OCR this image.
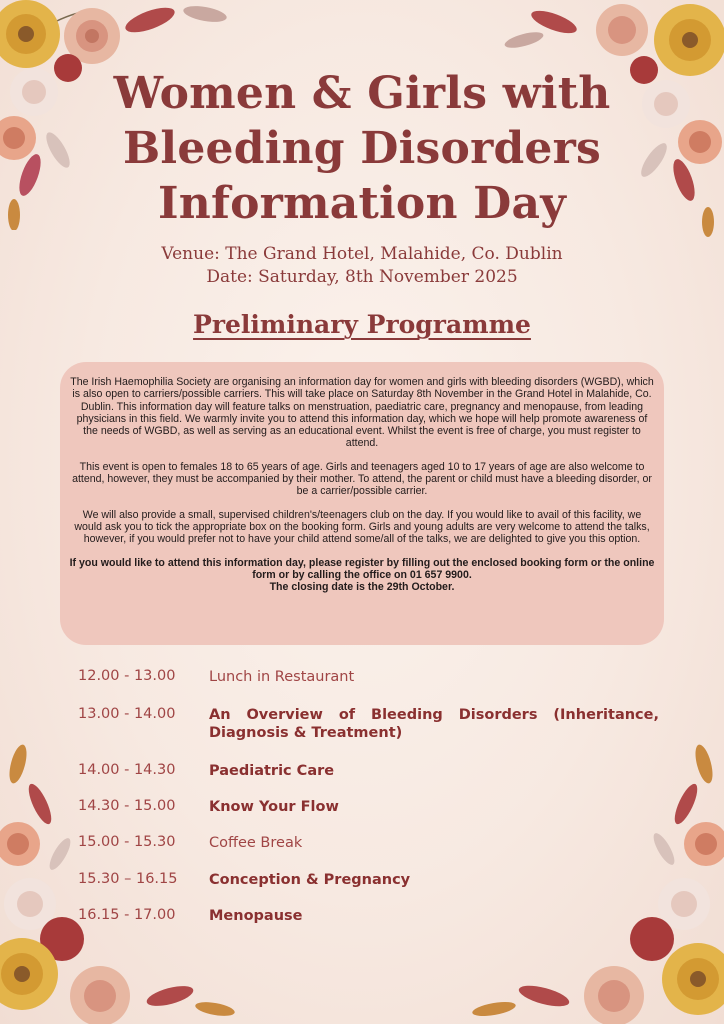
Women & Girls with
Bleeding Disorders
Information Day
Venue: The Grand Hotel, Malahide, Co. Dublin
Date: Saturday, 8th November 2025
Preliminary Programme

The Irish Haemophilia Society are organising an information day for women and girls with bleeding disorders (WGBD), which is also open to carriers/possible carriers. This will take place on Saturday 8th November in the Grand Hotel in Malahide, Co. Dublin. This information day will feature talks on menstruation, paediatric care, pregnancy and menopause, from leading physicians in this field. We warmly invite you to attend this information day, which we hope will help promote awareness of the needs of WGBD, as well as serving as an educational event. Whilst the event is free of charge, you must register to attend.

This event is open to females 18 to 65 years of age. Girls and teenagers aged 10 to 17 years of age are also welcome to attend, however, they must be accompanied by their mother. To attend, the parent or child must have a bleeding disorder, or be a carrier/possible carrier.

We will also provide a small, supervised children's/teenagers club on the day. If you would like to avail of this facility, we would ask you to tick the appropriate box on the booking form. Girls and young adults are very welcome to attend the talks, however, if you would prefer not to have your child attend some/all of the talks, we are delighted to give you this option.

If you would like to attend this information day, please register by filling out the enclosed booking form or the online form or by calling the office on 01 657 9900.
The closing date is the 29th October.
12.00 - 13.00	Lunch in Restaurant
13.00 - 14.00	An Overview of Bleeding Disorders (Inheritance, Diagnosis & Treatment)
14.00 - 14.30	Paediatric Care
14.30 - 15.00	Know Your Flow
15.00 - 15.30	Coffee Break
15.30 – 16.15	Conception & Pregnancy
16.15 - 17.00	Menopause
